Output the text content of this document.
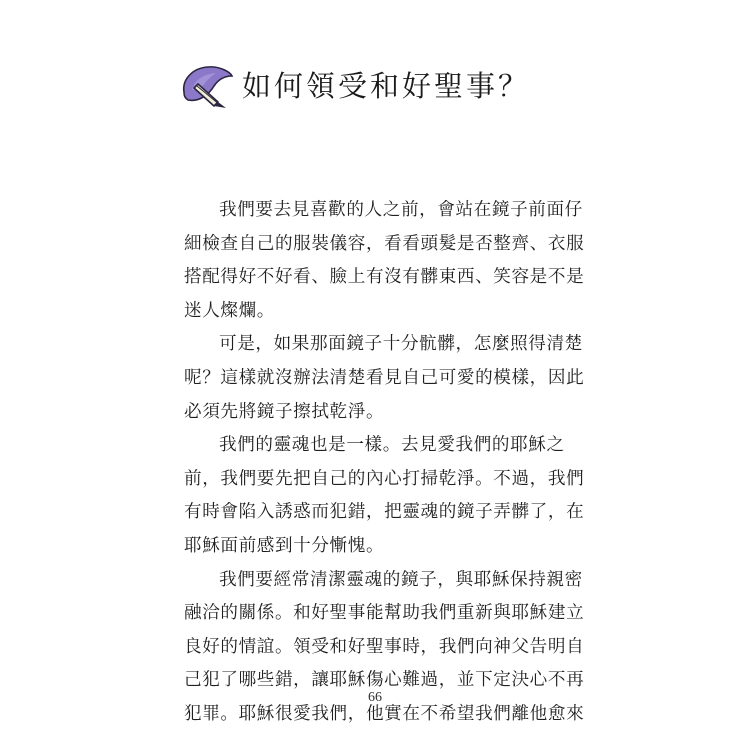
如何領受和好聖事？
我們要去見喜歡的人之前，會站在鏡子前面仔
細檢查自己的服裝儀容，看看頭髮是否整齊、衣服
搭配得好不好看、臉上有沒有髒東西、笑容是不是
迷人燦爛。
可是，如果那面鏡子十分骯髒，怎麼照得清楚
呢？這樣就沒辦法清楚看見自己可愛的模樣，因此
必須先將鏡子擦拭乾淨。
我們的靈魂也是一樣。去見愛我們的耶穌之
前，我們要先把自己的內心打掃乾淨。不過，我們
有時會陷入誘惑而犯錯，把靈魂的鏡子弄髒了，在
耶穌面前感到十分慚愧。
我們要經常清潔靈魂的鏡子，與耶穌保持親密
融洽的關係。和好聖事能幫助我們重新與耶穌建立
良好的情誼。領受和好聖事時，我們向神父告明自
己犯了哪些錯，讓耶穌傷心難過，並下定決心不再
犯罪。耶穌很愛我們，他實在不希望我們離他愈來
66
